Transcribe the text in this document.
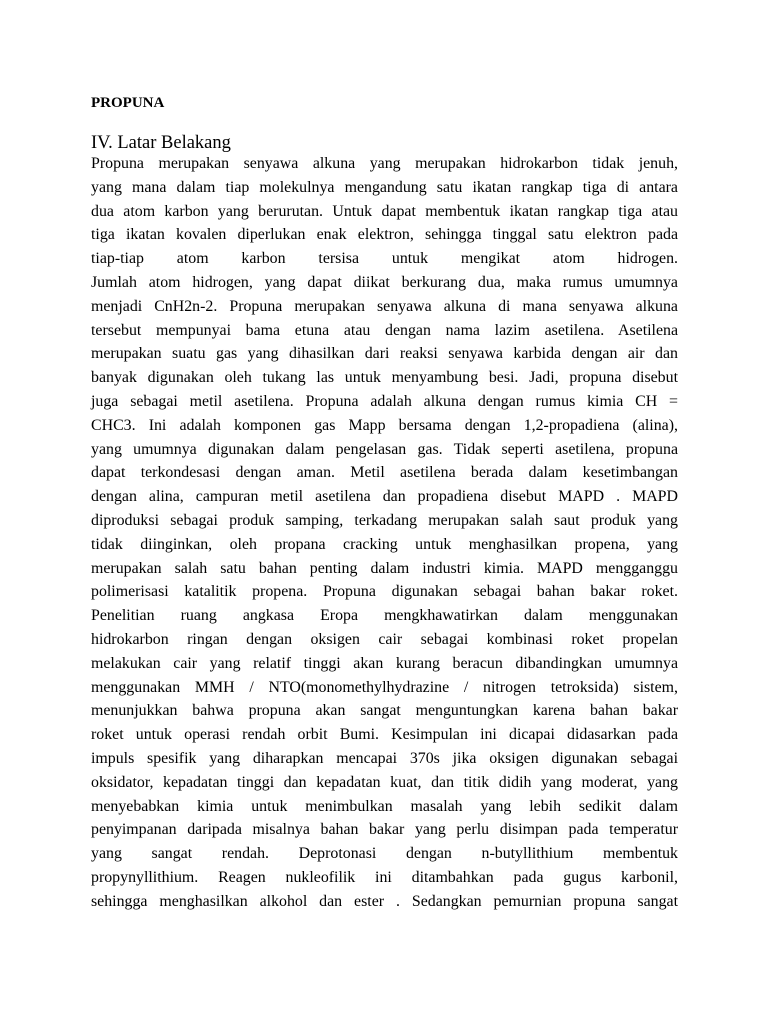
PROPUNA
IV. Latar Belakang
Propuna merupakan senyawa alkuna yang merupakan hidrokarbon tidak jenuh,
yang mana dalam tiap molekulnya mengandung satu ikatan rangkap tiga di antara
dua atom karbon yang berurutan. Untuk dapat membentuk ikatan rangkap tiga atau
tiga ikatan kovalen diperlukan enak elektron, sehingga tinggal satu elektron pada
tiap-tiap atom karbon tersisa untuk mengikat atom hidrogen.
Jumlah atom hidrogen, yang dapat diikat berkurang dua, maka rumus umumnya
menjadi CnH2n-2. Propuna merupakan senyawa alkuna di mana senyawa alkuna
tersebut mempunyai bama etuna atau dengan nama lazim asetilena. Asetilena
merupakan suatu gas yang dihasilkan dari reaksi senyawa karbida dengan air dan
banyak digunakan oleh tukang las untuk menyambung besi. Jadi, propuna disebut
juga sebagai metil asetilena. Propuna adalah alkuna dengan rumus kimia CH =
CHC3. Ini adalah komponen gas Mapp bersama dengan 1,2-propadiena (alina),
yang umumnya digunakan dalam pengelasan gas. Tidak seperti asetilena, propuna
dapat terkondesasi dengan aman. Metil asetilena berada dalam kesetimbangan
dengan alina, campuran metil asetilena dan propadiena disebut MAPD . MAPD
diproduksi sebagai produk samping, terkadang merupakan salah saut produk yang
tidak diinginkan, oleh propana cracking untuk menghasilkan propena, yang
merupakan salah satu bahan penting dalam industri kimia. MAPD mengganggu
polimerisasi katalitik propena. Propuna digunakan sebagai bahan bakar roket.
Penelitian ruang angkasa Eropa mengkhawatirkan dalam menggunakan
hidrokarbon ringan dengan oksigen cair sebagai kombinasi roket propelan
melakukan cair yang relatif tinggi akan kurang beracun dibandingkan umumnya
menggunakan MMH / NTO(monomethylhydrazine / nitrogen tetroksida) sistem,
menunjukkan bahwa propuna akan sangat menguntungkan karena bahan bakar
roket untuk operasi rendah orbit Bumi. Kesimpulan ini dicapai didasarkan pada
impuls spesifik yang diharapkan mencapai 370s jika oksigen digunakan sebagai
oksidator, kepadatan tinggi dan kepadatan kuat, dan titik didih yang moderat, yang
menyebabkan kimia untuk menimbulkan masalah yang lebih sedikit dalam
penyimpanan daripada misalnya bahan bakar yang perlu disimpan pada temperatur
yang sangat rendah. Deprotonasi dengan n-butyllithium membentuk
propynyllithium. Reagen nukleofilik ini ditambahkan pada gugus karbonil,
sehingga menghasilkan alkohol dan ester . Sedangkan pemurnian propuna sangat
